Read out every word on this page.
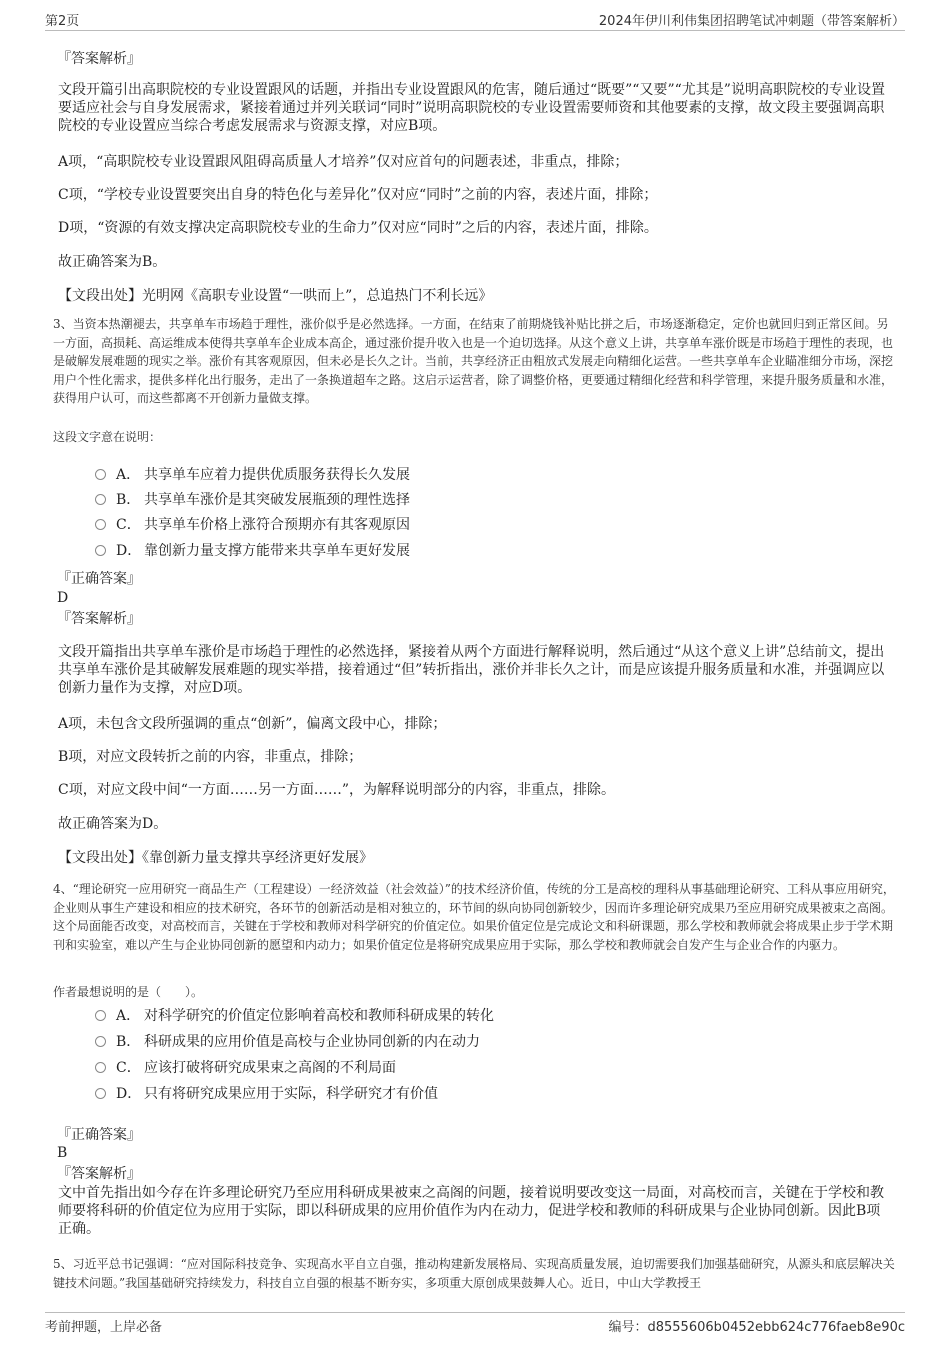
第2页	2024年伊川利伟集团招聘笔试冲刺题（带答案解析）
『答案解析』
文段开篇引出高职院校的专业设置跟风的话题，并指出专业设置跟风的危害，随后通过“既要”“又要”“尤其是”说明高职院校的专业设置要适应社会与自身发展需求，紧接着通过并列关联词“同时”说明高职院校的专业设置需要师资和其他要素的支撑，故文段主要强调高职院校的专业设置应当综合考虑发展需求与资源支撑，对应B项。
A项，“高职院校专业设置跟风阻碍高质量人才培养”仅对应首句的问题表述，非重点，排除；
C项，“学校专业设置要突出自身的特色化与差异化”仅对应“同时”之前的内容，表述片面，排除；
D项，“资源的有效支撑决定高职院校专业的生命力”仅对应“同时”之后的内容，表述片面，排除。
故正确答案为B。
【文段出处】光明网《高职专业设置“一哄而上”，总追热门不利长远》
3、当资本热潮褪去，共享单车市场趋于理性，涨价似乎是必然选择。一方面，在结束了前期烧钱补贴比拼之后，市场逐渐稳定，定价也就回归到正常区间。另一方面，高损耗、高运维成本使得共享单车企业成本高企，通过涨价提升收入也是一个迫切选择。从这个意义上讲，共享单车涨价既是市场趋于理性的表现，也是破解发展难题的现实之举。涨价有其客观原因，但未必是长久之计。当前，共享经济正由粗放式发展走向精细化运营。一些共享单车企业瞄准细分市场，深挖用户个性化需求，提供多样化出行服务，走出了一条换道超车之路。这启示运营者，除了调整价格，更要通过精细化经营和科学管理，来提升服务质量和水准，获得用户认可，而这些都离不开创新力量做支撑。
这段文字意在说明：
A． 共享单车应着力提供优质服务获得长久发展
B． 共享单车涨价是其突破发展瓶颈的理性选择
C． 共享单车价格上涨符合预期亦有其客观原因
D． 靠创新力量支撑方能带来共享单车更好发展
『正确答案』
D
『答案解析』
文段开篇指出共享单车涨价是市场趋于理性的必然选择，紧接着从两个方面进行解释说明，然后通过“从这个意义上讲”总结前文，提出共享单车涨价是其破解发展难题的现实举措，接着通过“但”转折指出，涨价并非长久之计，而是应该提升服务质量和水准，并强调应以创新力量作为支撑，对应D项。
A项，未包含文段所强调的重点“创新”，偏离文段中心，排除；
B项，对应文段转折之前的内容，非重点，排除；
C项，对应文段中间“一方面……另一方面……”，为解释说明部分的内容，非重点，排除。
故正确答案为D。
【文段出处】《靠创新力量支撑共享经济更好发展》
4、“理论研究一应用研究一商品生产（工程建设）一经济效益（社会效益）”的技术经济价值，传统的分工是高校的理科从事基础理论研究、工科从事应用研究，企业则从事生产建设和相应的技术研究，各环节的创新活动是相对独立的，环节间的纵向协同创新较少，因而许多理论研究成果乃至应用研究成果被束之高阁。这个局面能否改变，对高校而言，关键在于学校和教师对科学研究的价值定位。如果价值定位是完成论文和科研课题，那么学校和教师就会将成果止步于学术期刊和实验室，难以产生与企业协同创新的愿望和内动力；如果价值定位是将研究成果应用于实际，那么学校和教师就会自发产生与企业合作的内驱力。
作者最想说明的是（　　）。
A． 对科学研究的价值定位影响着高校和教师科研成果的转化
B． 科研成果的应用价值是高校与企业协同创新的内在动力
C． 应该打破将研究成果束之高阁的不利局面
D． 只有将研究成果应用于实际，科学研究才有价值
『正确答案』
B
『答案解析』
文中首先指出如今存在许多理论研究乃至应用科研成果被束之高阁的问题，接着说明要改变这一局面，对高校而言，关键在于学校和教师要将科研的价值定位为应用于实际，即以科研成果的应用价值作为内在动力，促进学校和教师的科研成果与企业协同创新。因此B项正确。
5、习近平总书记强调：“应对国际科技竞争、实现高水平自立自强，推动构建新发展格局、实现高质量发展，迫切需要我们加强基础研究，从源头和底层解决关键技术问题。”我国基础研究持续发力，科技自立自强的根基不断夯实，多项重大原创成果鼓舞人心。近日，中山大学教授王
考前押题，上岸必备	编号：d8555606b0452ebb624c776faeb8e90c
